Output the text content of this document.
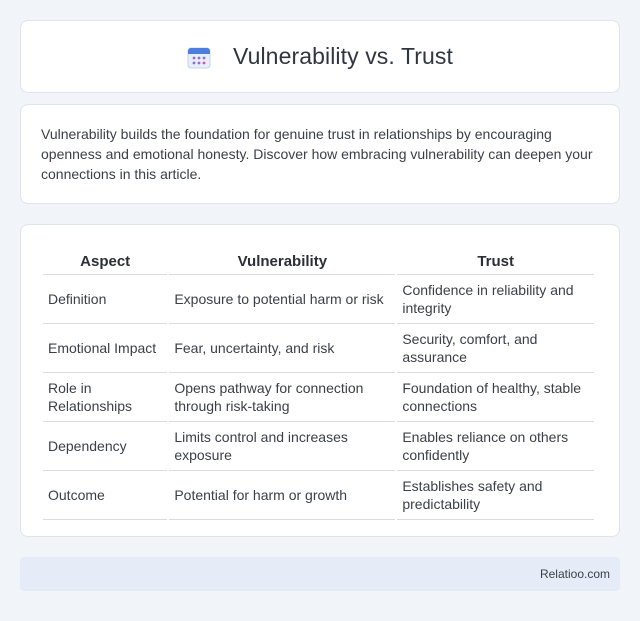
Vulnerability vs. Trust

Vulnerability builds the foundation for genuine trust in relationships by encouraging openness and emotional honesty. Discover how embracing vulnerability can deepen your connections in this article.

Aspect	Vulnerability	Trust
Definition	Exposure to potential harm or risk	Confidence in reliability and integrity
Emotional Impact	Fear, uncertainty, and risk	Security, comfort, and assurance
Role in Relationships	Opens pathway for connection through risk-taking	Foundation of healthy, stable connections
Dependency	Limits control and increases exposure	Enables reliance on others confidently
Outcome	Potential for harm or growth	Establishes safety and predictability
Relatioo.com
